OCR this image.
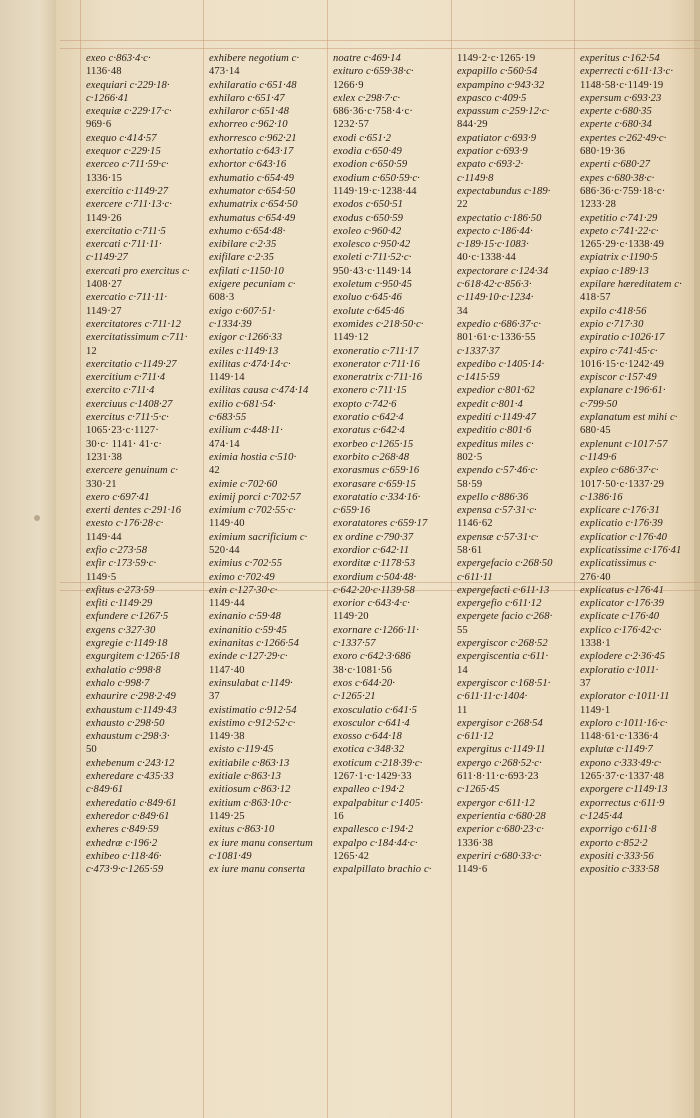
exeo c·863·4·c·
1136·48
exequiari c·229·18·
c·1266·41
exequiæ c·229·17·c·
969·6
exequo c·414·57
exequor c·229·15
exerceo c·711·59·c·
1336·15
exercitio c·1149·27
exercere c·711·13·c·
1149·26
exercitatio c·711·5
exercati c·711·11·
c·1149·27
exercati pro exercitus c·
1408·27
exercatio c·711·11·
1149·27
exercitatores c·711·12
exercitatissimum c·711·
12
exercitatio c·1149·27
exercitium c·711·4
exercito c·711·4
exerciuus c·1408·27
exercitus c·711·5·c·
1065·23·c·1127·
30·c· 1141· 41·c·
1231·38
exercere genuinum c·
330·21
exero c·697·41
exerti dentes c·291·16
exesto c·176·28·c·
1149·44
exfio c·273·58
exfir c·173·59·c·
1149·5
exfitus c·273·59
exfiti c·1149·29
exfundere c·1267·5
exgens c·327·30
exgregie c·1149·18
exgurgitem c·1265·18
exhalatio c·998·8
exhalo c·998·7
exhaurire c·298·2·49
exhaustum c·1149·43
exhausto c·298·50
exhaustum c·298·3·
50
exhebenum c·243·12
exheredare c·435·33
c·849·61
exheredatio c·849·61
exheredor c·849·61
exheres c·849·59
exhedræ c·196·2
exhibeo c·118·46·
c·473·9·c·1265·59
exhibere negotium c·
473·14
exhilaratio c·651·48
exhilaro c·651·47
exhilaror c·651·48
exhorreo c·962·10
exhorresco c·962·21
exhortatio c·643·17
exhortor c·643·16
exhumatio c·654·49
exhumator c·654·50
exhumatrix c·654·50
exhumatus c·654·49
exhumo c·654·48·
exibilare c·2·35
exifilare c·2·35
exfilati c·1150·10
exigere pecuniam c·
608·3
exigo c·607·51·
c·1334·39
exigor c·1266·33
exiles c·1149·13
exilitas c·474·14·c·
1149·14
exilitas causa c·474·14
exilio c·681·54·
c·683·55
exilium c·448·11·
474·14
eximia hostia c·510·
42
eximie c·702·60
eximij porci c·702·57
eximium c·702·55·c·
1149·40
eximium sacrificium c·
520·44
eximius c·702·55
eximo c·702·49
exin c·127·30·c·
1149·44
exinanio c·59·48
exinanitio c·59·45
exinanitas c·1266·54
exinde c·127·29·c·
1147·40
exinsulabat c·1149·
37
existimatio c·912·54
existimo c·912·52·c·
1149·38
existo c·119·45
exitiabile c·863·13
exitiale c·863·13
exitiosum c·863·12
exitium c·863·10·c·
1149·25
exitus c·863·10
ex iure manu consertum
c·1081·49
ex iure manu conserta
noatre c·469·14
exituro c·659·38·c·
1266·9
exlex c·298·7·c·
686·36·c·758·4·c·
1232·57
exodi c·651·2
exodia c·650·49
exodion c·650·59
exodium c·650·59·c·
1149·19·c·1238·44
exodos c·650·51
exodus c·650·59
exoleo c·960·42
exolesco c·950·42
exoleti c·711·52·c·
950·43·c·1149·14
exoletum c·950·45
exoluo c·645·46
exolute c·645·46
exomides c·218·50·c·
1149·12
exoneratio c·711·17
exonerator c·711·16
exoneratrix c·711·16
exonero c·711·15
exopto c·742·6
exoratio c·642·4
exoratus c·642·4
exorbeo c·1265·15
exorbito c·268·48
exorasmus c·659·16
exorasare c·659·15
exoratatio c·334·16·
c·659·16
exoratatores c·659·17
ex ordine c·790·37
exordior c·642·11
exorditæ c·1178·53
exordium c·504·48·
c·642·20·c·1139·58
exorior c·643·4·c·
1149·20
exornare c·1266·11·
c·1337·57
exoro c·642·3·686
38·c·1081·56
exos c·644·20·
c·1265·21
exosculatio c·641·5
exosculor c·641·4
exosso c·644·18
exotica c·348·32
exoticum c·218·39·c·
1267·1·c·1429·33
expalleo c·194·2
expalpabitur c·1405·
16
expallesco c·194·2
expalpo c·184·44·c·
1265·42
expalpillato brachio c·
1149·2·c·1265·19
expapillo c·560·54
expampino c·943·32
expasco c·409·5
expassum c·259·12·c·
844·29
expatiator c·693·9
expatior c·693·9
expato c·693·2·
c·1149·8
expectabundus c·189·
22
expectatio c·186·50
expecto c·186·44·
c·189·15·c·1083·
40·c·1338·44
expectorare c·124·34
c·618·42·c·856·3·
c·1149·10·c·1234·
34
expedio c·686·37·c·
801·61·c·1336·55
c·1337·37
expedibo c·1405·14·
c·1415·59
expedior c·801·62
expedit c·801·4
expediti c·1149·47
expeditio c·801·6
expeditus miles c·
802·5
expendo c·57·46·c·
58·59
expello c·886·36
expensa c·57·31·c·
1146·62
expensæ c·57·31·c·
58·61
expergefacio c·268·50
c·611·11
expergefacti c·611·13
expergefio c·611·12
expergete facio c·268·
55
expergiscor c·268·52
expergiscentia c·611·
14
expergiscor c·168·51·
c·611·11·c·1404·
11
expergisor c·268·54
c·611·12
expergitus c·1149·11
expergo c·268·52·c·
611·8·11·c·693·23
c·1265·45
expergor c·611·12
experientia c·680·28
experior c·680·23·c·
1336·38
experiri c·680·33·c·
1149·6
experitus c·162·54
experrecti c·611·13·c·
1148·58·c·1149·19
expersum c·693·23
experte c·680·35
experte c·680·34
expertes c·262·49·c·
680·19·36
experti c·680·27
expes c·680·38·c·
686·36·c·759·18·c·
1233·28
expetitio c·741·29
expeto c·741·22·c·
1265·29·c·1338·49
expiatrix c·1190·5
expiao c·189·13
expilare hæreditatem c·
418·57
expilo c·418·56
expio c·717·30
expiratio c·1026·17
expiro c·741·45·c·
1016·15·c·1242·49
expiscor c·157·49
explanare c·196·61·
c·799·50
explanatum est mihi c·
680·45
explenunt c·1017·57
c·1149·6
expleo c·686·37·c·
1017·50·c·1337·29
c·1386·16
explicare c·176·31
explicatio c·176·39
explicatior c·176·40
explicatissime c·176·41
explicatissimus c·
276·40
explicatus c·176·41
explicator c·176·39
explicate c·176·40
explico c·176·42·c·
1338·1
explodere c·2·36·45
exploratio c·1011·
37
explorator c·1011·11
1149·1
exploro c·1011·16·c·
1148·61·c·1336·4
explutæ c·1149·7
expono c·333·49·c·
1265·37·c·1337·48
exporgere c·1149·13
exporrectus c·611·9
c·1245·44
exporrigo c·611·8
exporto c·852·2
expositi c·333·56
expositio c·333·58
